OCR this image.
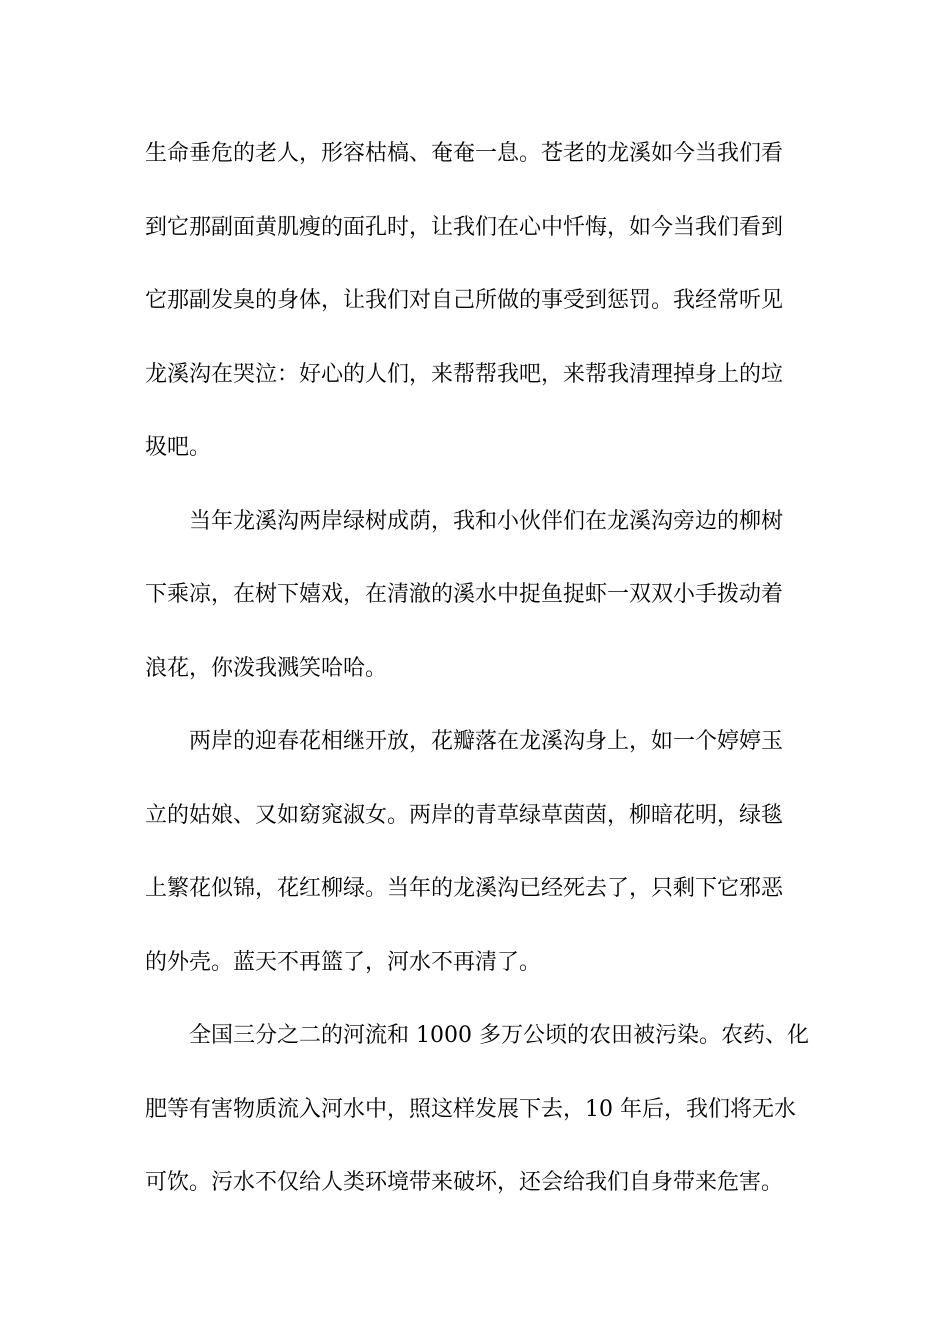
生命垂危的老人，形容枯槁、奄奄一息。苍老的龙溪如今当我们看
到它那副面黄肌瘦的面孔时，让我们在心中忏悔，如今当我们看到
它那副发臭的身体，让我们对自己所做的事受到惩罚。我经常听见
龙溪沟在哭泣：好心的人们，来帮帮我吧，来帮我清理掉身上的垃
圾吧。
当年龙溪沟两岸绿树成荫，我和小伙伴们在龙溪沟旁边的柳树
下乘凉，在树下嬉戏，在清澈的溪水中捉鱼捉虾一双双小手拨动着
浪花，你泼我溅笑哈哈。
两岸的迎春花相继开放，花瓣落在龙溪沟身上，如一个婷婷玉
立的姑娘、又如窈窕淑女。两岸的青草绿草茵茵，柳暗花明，绿毯
上繁花似锦，花红柳绿。当年的龙溪沟已经死去了，只剩下它邪恶
的外壳。蓝天不再篮了，河水不再清了。
全国三分之二的河流和 1000 多万公顷的农田被污染。农药、化
肥等有害物质流入河水中，照这样发展下去，10 年后，我们将无水
可饮。污水不仅给人类环境带来破坏，还会给我们自身带来危害。
